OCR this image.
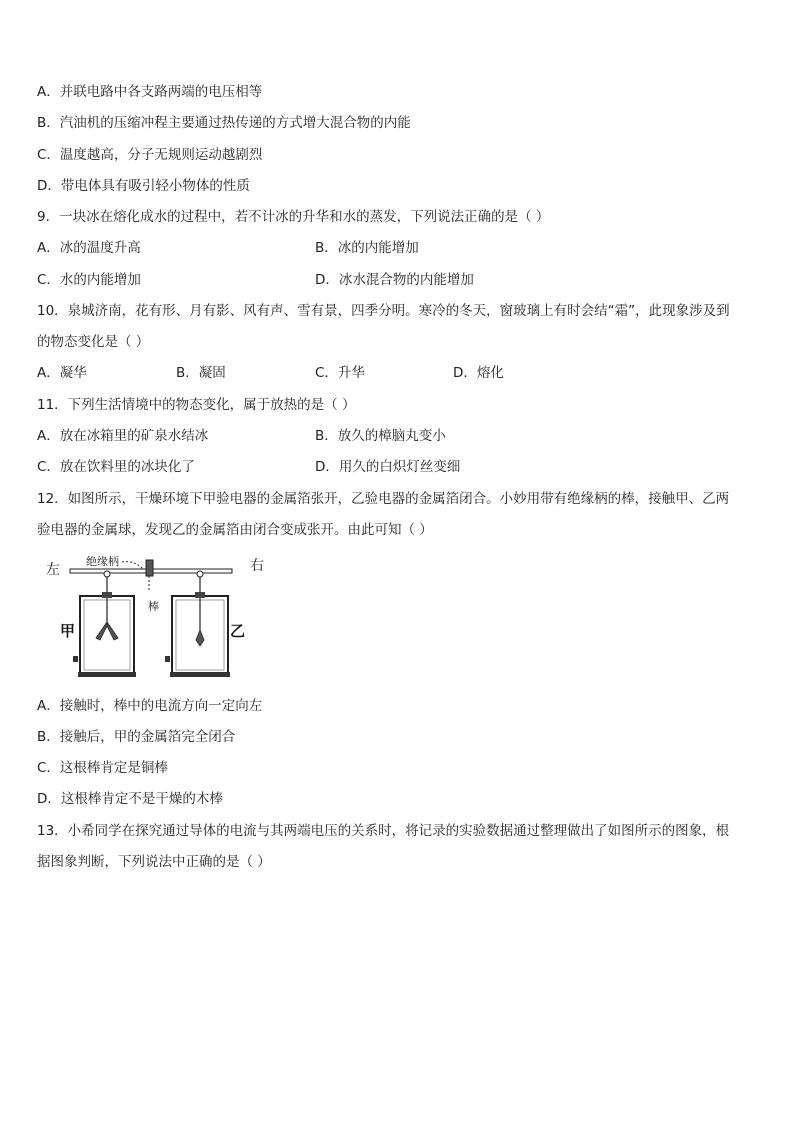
A．并联电路中各支路两端的电压相等
B．汽油机的压缩冲程主要通过热传递的方式增大混合物的内能
C．温度越高，分子无规则运动越剧烈
D．带电体具有吸引轻小物体的性质
9．一块冰在熔化成水的过程中，若不计冰的升华和水的蒸发，下列说法正确的是（ ）
A．冰的温度升高	B．冰的内能增加
C．水的内能增加	D．冰水混合物的内能增加
10．泉城济南，花有形、月有影、风有声、雪有景，四季分明。寒冷的冬天，窗玻璃上有时会结“霜”，此现象涉及到
的物态变化是（ ）
A．凝华	B．凝固	C．升华	D．熔化
11．下列生活情境中的物态变化，属于放热的是（ ）
A．放在冰箱里的矿泉水结冰	B．放久的樟脑丸变小
C．放在饮料里的冰块化了	D．用久的白炽灯丝变细
12．如图所示，干燥环境下甲验电器的金属箔张开，乙验电器的金属箔闭合。小妙用带有绝缘柄的棒，接触甲、乙两
验电器的金属球，发现乙的金属箔由闭合变成张开。由此可知（ ）
左	右
绝缘柄
棒
甲	乙
A．接触时，棒中的电流方向一定向左
B．接触后，甲的金属箔完全闭合
C．这根棒肯定是铜棒
D．这根棒肯定不是干燥的木棒
13．小希同学在探究通过导体的电流与其两端电压的关系时，将记录的实验数据通过整理做出了如图所示的图象，根
据图象判断，下列说法中正确的是（ ）
